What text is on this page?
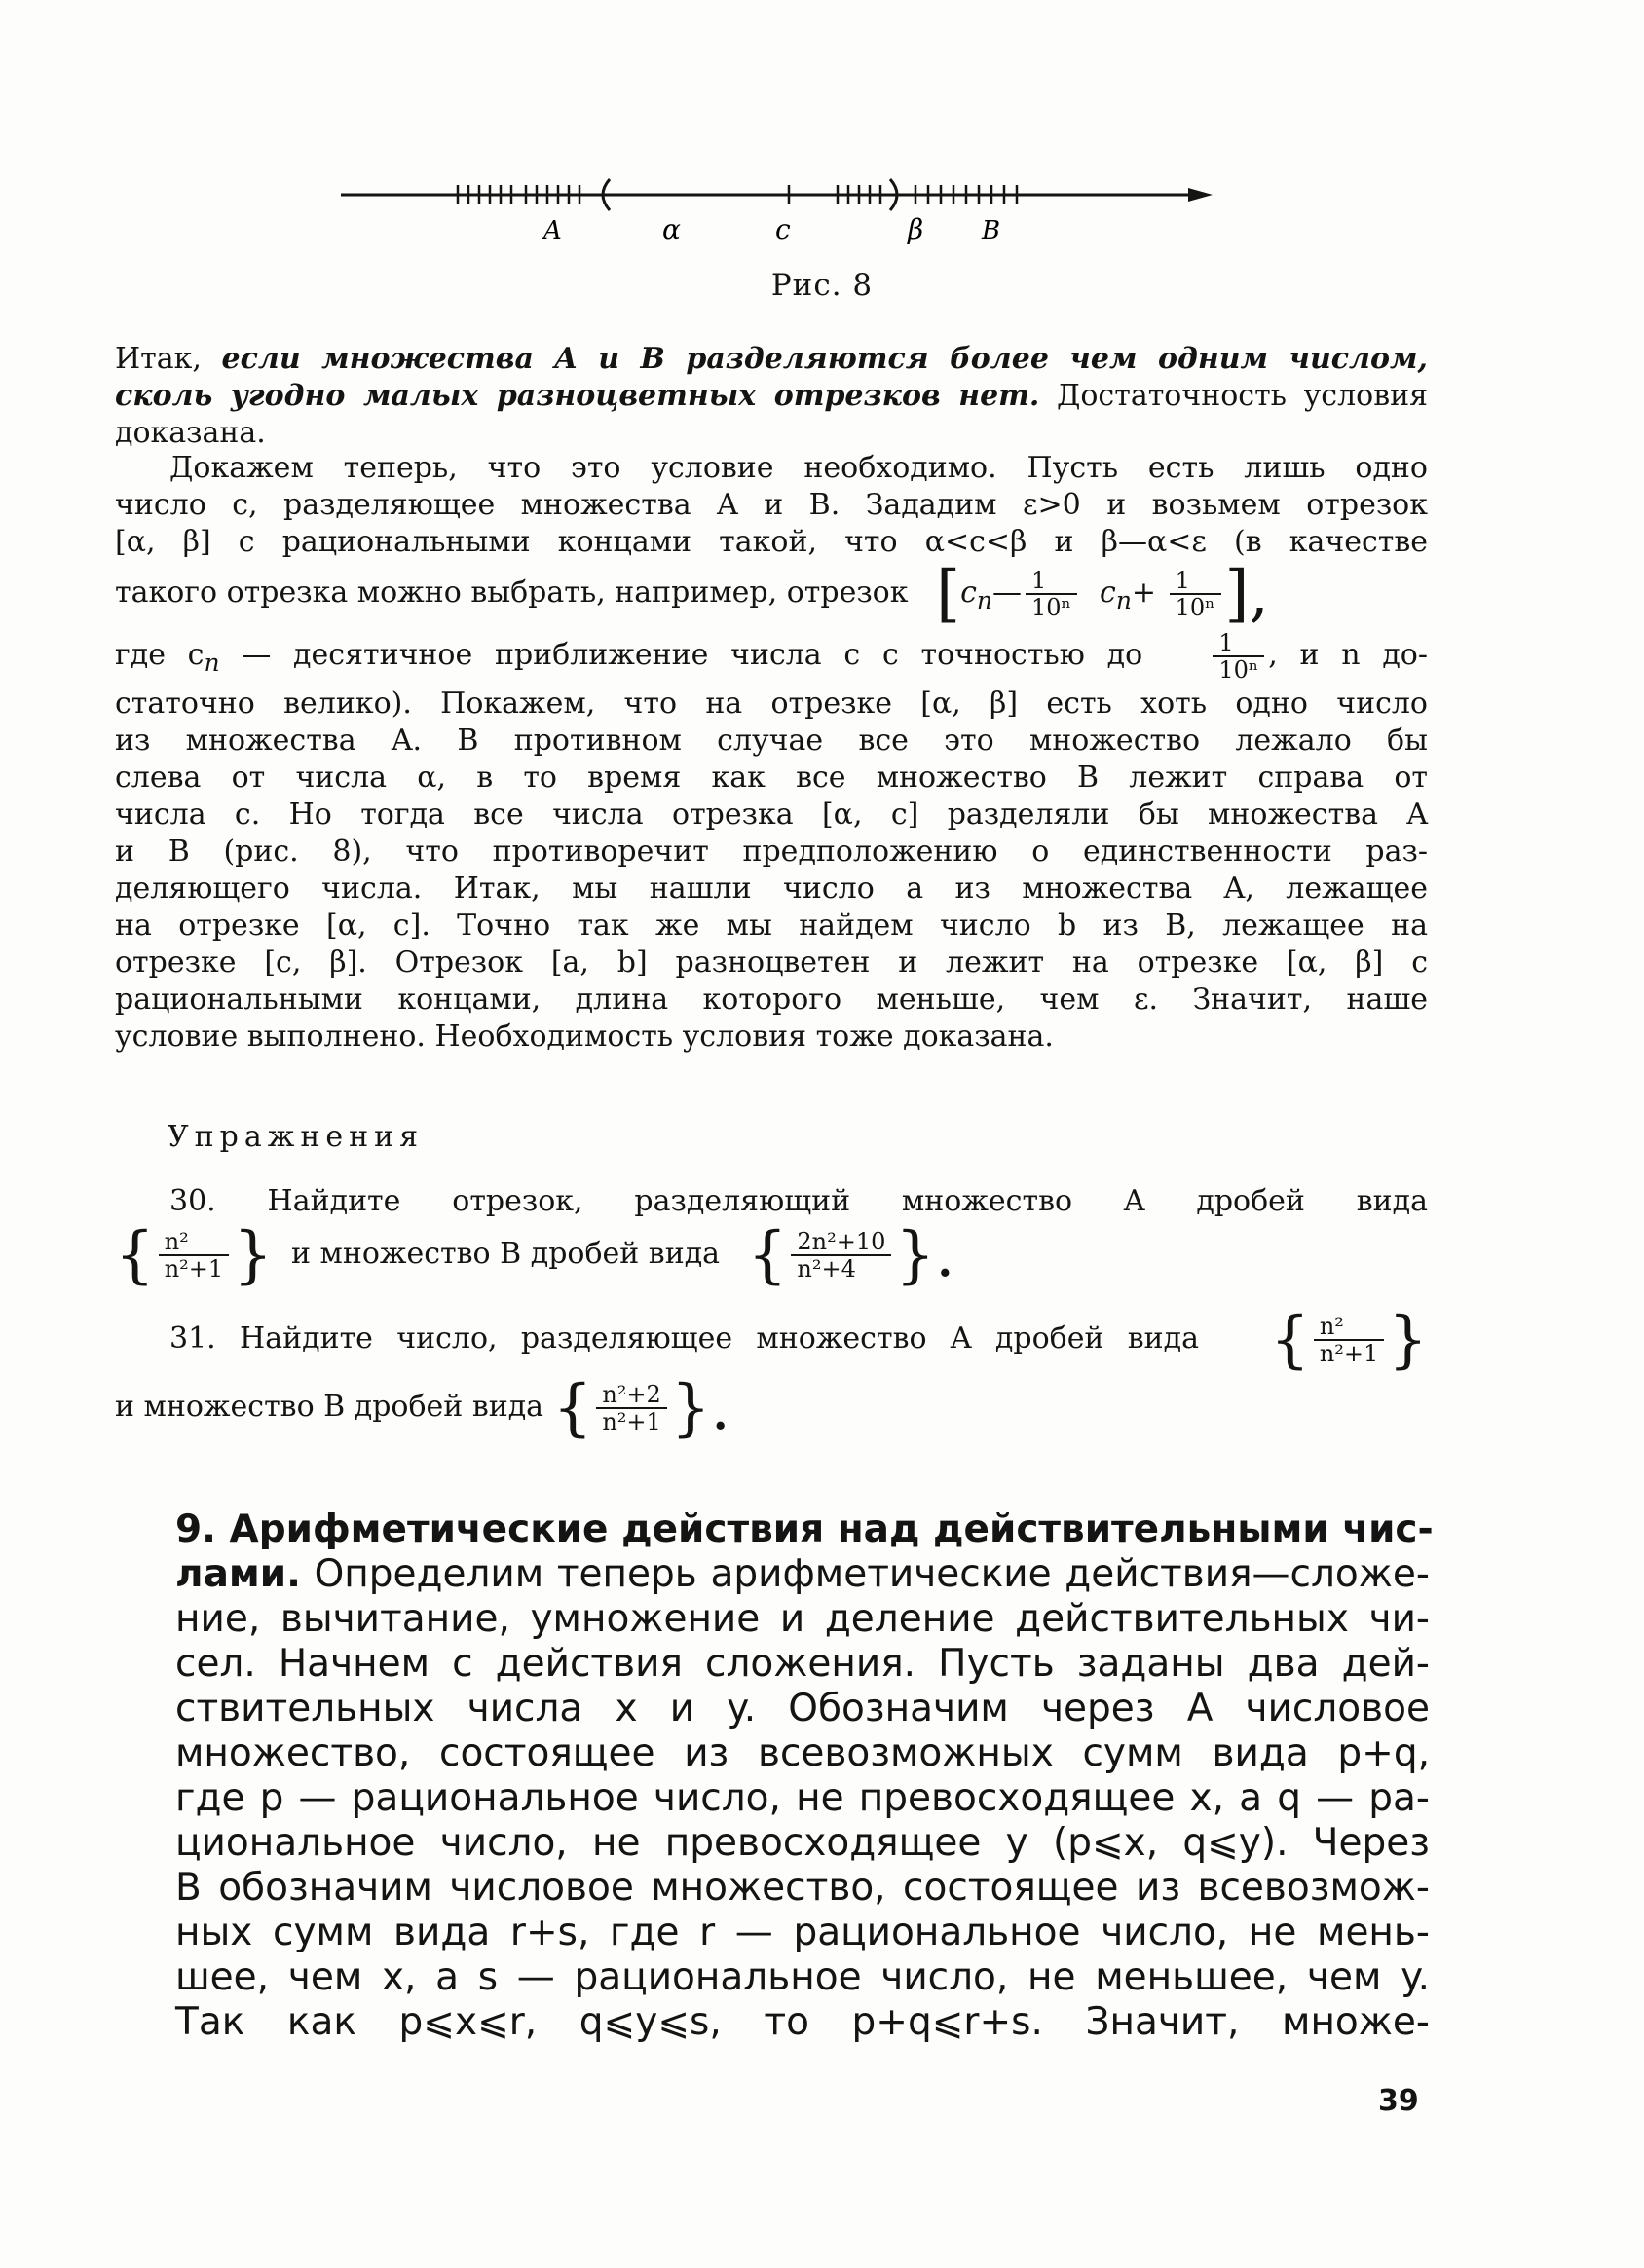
A	α	c	β B
Рис. 8
Итак, если множества A и B разделяются более чем одним числом,
сколь угодно малых разноцветных отрезков нет. Достаточность условия
доказана.
Докажем теперь, что это условие необходимо. Пусть есть лишь одно
число c, разделяющее множества A и B. Зададим ε>0 и возьмем отрезок
[α, β] с рациональными концами такой, что α<c<β и β—α<ε (в качестве
такого отрезка можно выбрать, например, отрезок [$c_n— \frac{1}{\text{10ⁿ}} c_n+ \frac{1}{\text{10ⁿ}}$ ],
где $c_n$ — десятичное приближение числа c с точностью до	$\frac{1}{\text{10ⁿ}}$ , и n до-
статочно велико). Покажем, что на отрезке [α, β] есть хоть одно число
из множества A. В противном случае все это множество лежало бы
слева от числа α, в то время как все множество B лежит справа от
числа c. Но тогда все числа отрезка [α, c] разделяли бы множества A
и B (рис. 8), что противоречит предположению о единственности раз-
деляющего числа. Итак, мы нашли число a из множества A, лежащее
на отрезке [α, c]. Точно так же мы найдем число b из B, лежащее на
отрезке [c, β]. Отрезок [a, b] разноцветен и лежит на отрезке [α, β] с
рациональными концами, длина которого меньше, чем ε. Значит, наше
условие выполнено. Необходимость условия тоже доказана.
Упражнения
30. Найдите отрезок, разделяющий множество A дробей вида
{ $\frac{\text{n²}}{\text{n²+1}}$ } и множество B дробей вида { $\frac{\text{2n²+10}}{\text{n²+4}}$ }.
31. Найдите число, разделяющее множество A дробей вида { $\frac{\text{n²}}{\text{n²+1}}$ }
и множество B дробей вида { $\frac{\text{n²+2}}{\text{n²+1}}$ }.
9. Арифметические действия над действительными чис-
лами. Определим теперь арифметические действия—сложе-
ние, вычитание, умножение и деление действительных чи-
сел. Начнем с действия сложения. Пусть заданы два дей-
ствительных числа x и y. Обозначим через A числовое
множество, состоящее из всевозможных сумм вида p+q,
где p — рациональное число, не превосходящее x, а q — ра-
циональное число, не превосходящее y (p⩽x, q⩽y). Через
B обозначим числовое множество, состоящее из всевозмож-
ных сумм вида r+s, где r — рациональное число, не мень-
шее, чем x, а s — рациональное число, не меньшее, чем y.
Так как p⩽x⩽r, q⩽y⩽s, то p+q⩽r+s. Значит, множе-
39
